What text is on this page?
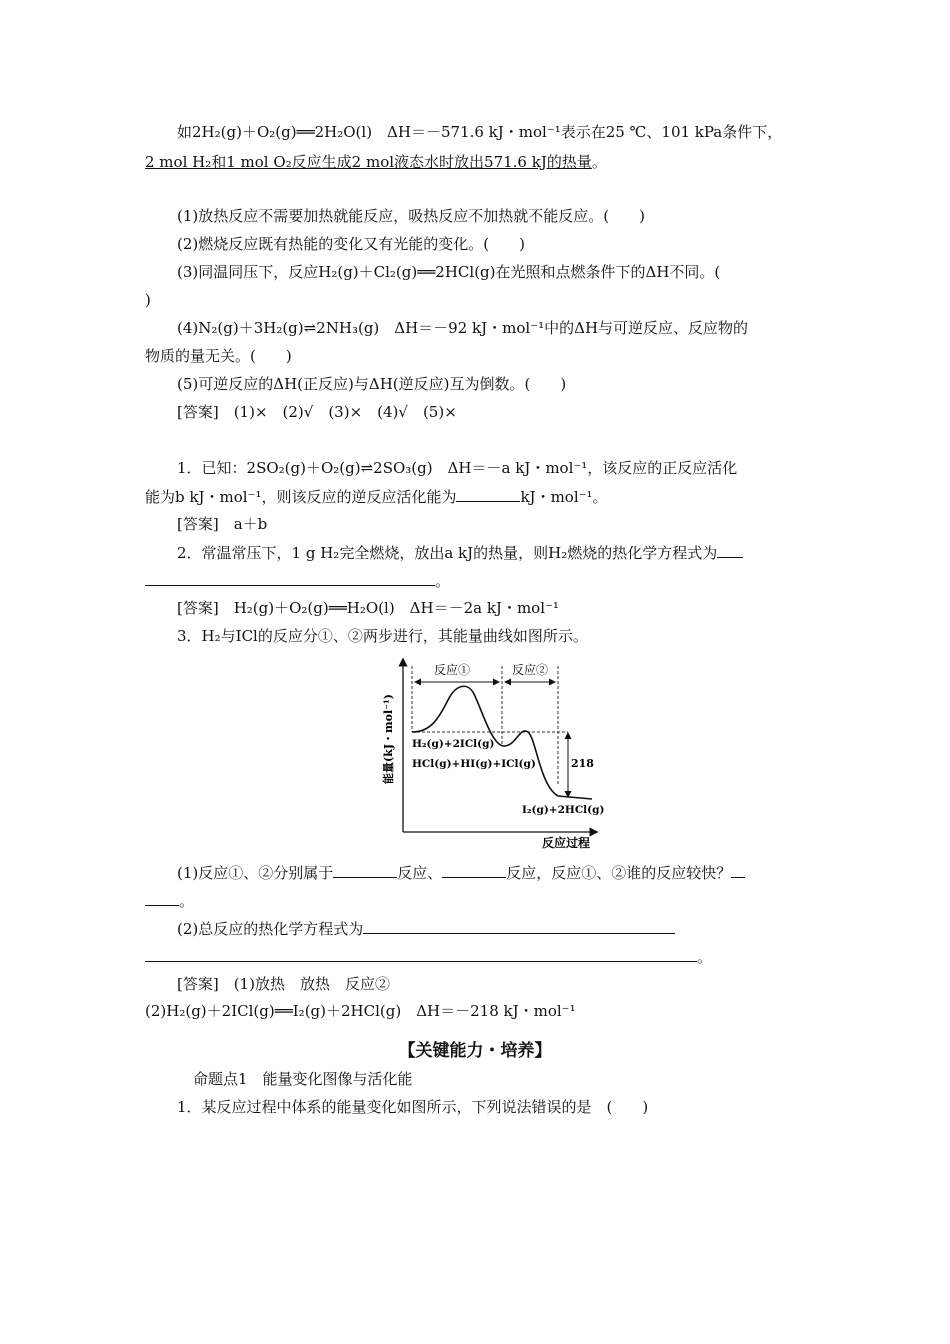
如2H₂(g)＋O₂(g)══2H₂O(l)　ΔH＝－571.6 kJ・mol⁻¹表示在25 ℃、101 kPa条件下，
2 mol H₂和1 mol O₂反应生成2 mol液态水时放出571.6 kJ的热量。
(1)放热反应不需要加热就能反应，吸热反应不加热就不能反应。(　　)
(2)燃烧反应既有热能的变化又有光能的变化。(　　)
(3)同温同压下，反应H₂(g)＋Cl₂(g)══2HCl(g)在光照和点燃条件下的ΔH不同。(
)
(4)N₂(g)＋3H₂(g)⇌2NH₃(g)　ΔH＝－92 kJ・mol⁻¹中的ΔH与可逆反应、反应物的
物质的量无关。(　　)
(5)可逆反应的ΔH(正反应)与ΔH(逆反应)互为倒数。(　　)
[答案]　(1)×　(2)√　(3)×　(4)√　(5)×
1．已知：2SO₂(g)＋O₂(g)⇌2SO₃(g)　ΔH＝－a kJ・mol⁻¹，该反应的正反应活化
能为b kJ・mol⁻¹，则该反应的逆反应活化能为	kJ・mol⁻¹。
[答案]　a＋b
2．常温常压下，1 g H₂完全燃烧，放出a kJ的热量，则H₂燃烧的热化学方程式为
。
[答案]　H₂(g)＋O₂(g)══H₂O(l)　ΔH＝－2a kJ・mol⁻¹
3．H₂与ICl的反应分①、②两步进行，其能量曲线如图所示。
反应①	反应②
218
H₂(g)+2ICl(g)
HCl(g)+HI(g)+ICl(g)
I₂(g)+2HCl(g)
反应过程
能量(kJ・mol⁻¹)
(1)反应①、②分别属于	反应、	反应，反应①、②谁的反应较快？
。
(2)总反应的热化学方程式为
。
[答案]　(1)放热　放热　反应②
(2)H₂(g)＋2ICl(g)══I₂(g)＋2HCl(g)　ΔH＝－218 kJ・mol⁻¹
【关键能力・培养】
命题点1　能量变化图像与活化能
1．某反应过程中体系的能量变化如图所示，下列说法错误的是　(　　)
